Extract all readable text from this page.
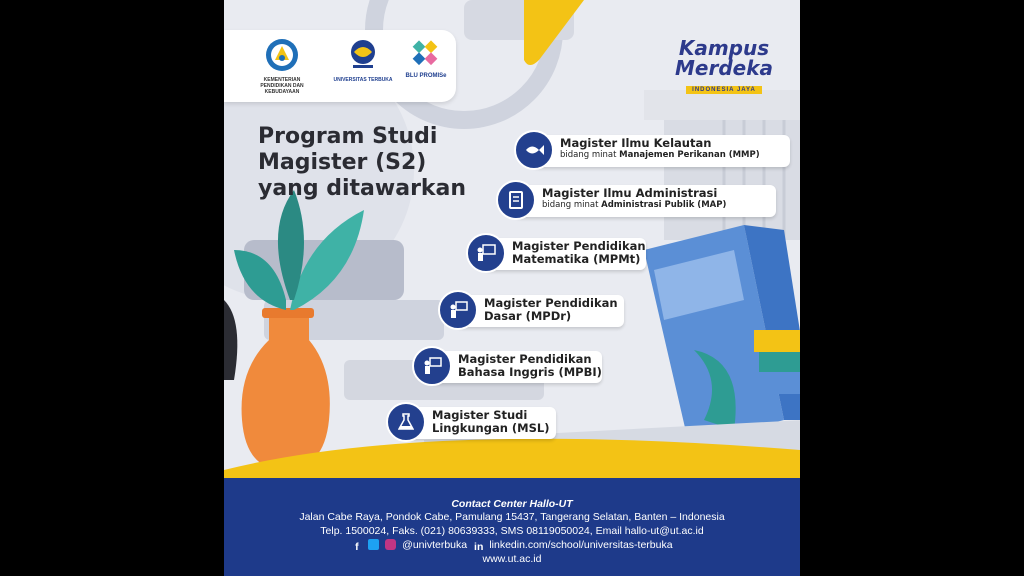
KEMENTERIAN PENDIDIKAN DAN KEBUDAYAAN
UNIVERSITAS TERBUKA
BLU PROMISe
Kampus
Merdeka
INDONESIA JAYA
Program Studi
Magister (S2)
yang ditawarkan
Magister Ilmu Kelautan
bidang minat Manajemen Perikanan (MMP)
Magister Ilmu Administrasi
bidang minat Administrasi Publik (MAP)
Magister Pendidikan
Matematika (MPMt)
Magister Pendidikan
Dasar (MPDr)
Magister Pendidikan
Bahasa Inggris (MPBI)
Magister Studi
Lingkungan (MSL)
Contact Center Hallo-UT
Jalan Cabe Raya, Pondok Cabe, Pamulang 15437, Tangerang Selatan, Banten – Indonesia
Telp. 1500024, Faks. (021) 80639333, SMS 08119050024, Email hallo-ut@ut.ac.id
f	@univterbuka in linkedin.com/school/universitas-terbuka
www.ut.ac.id
